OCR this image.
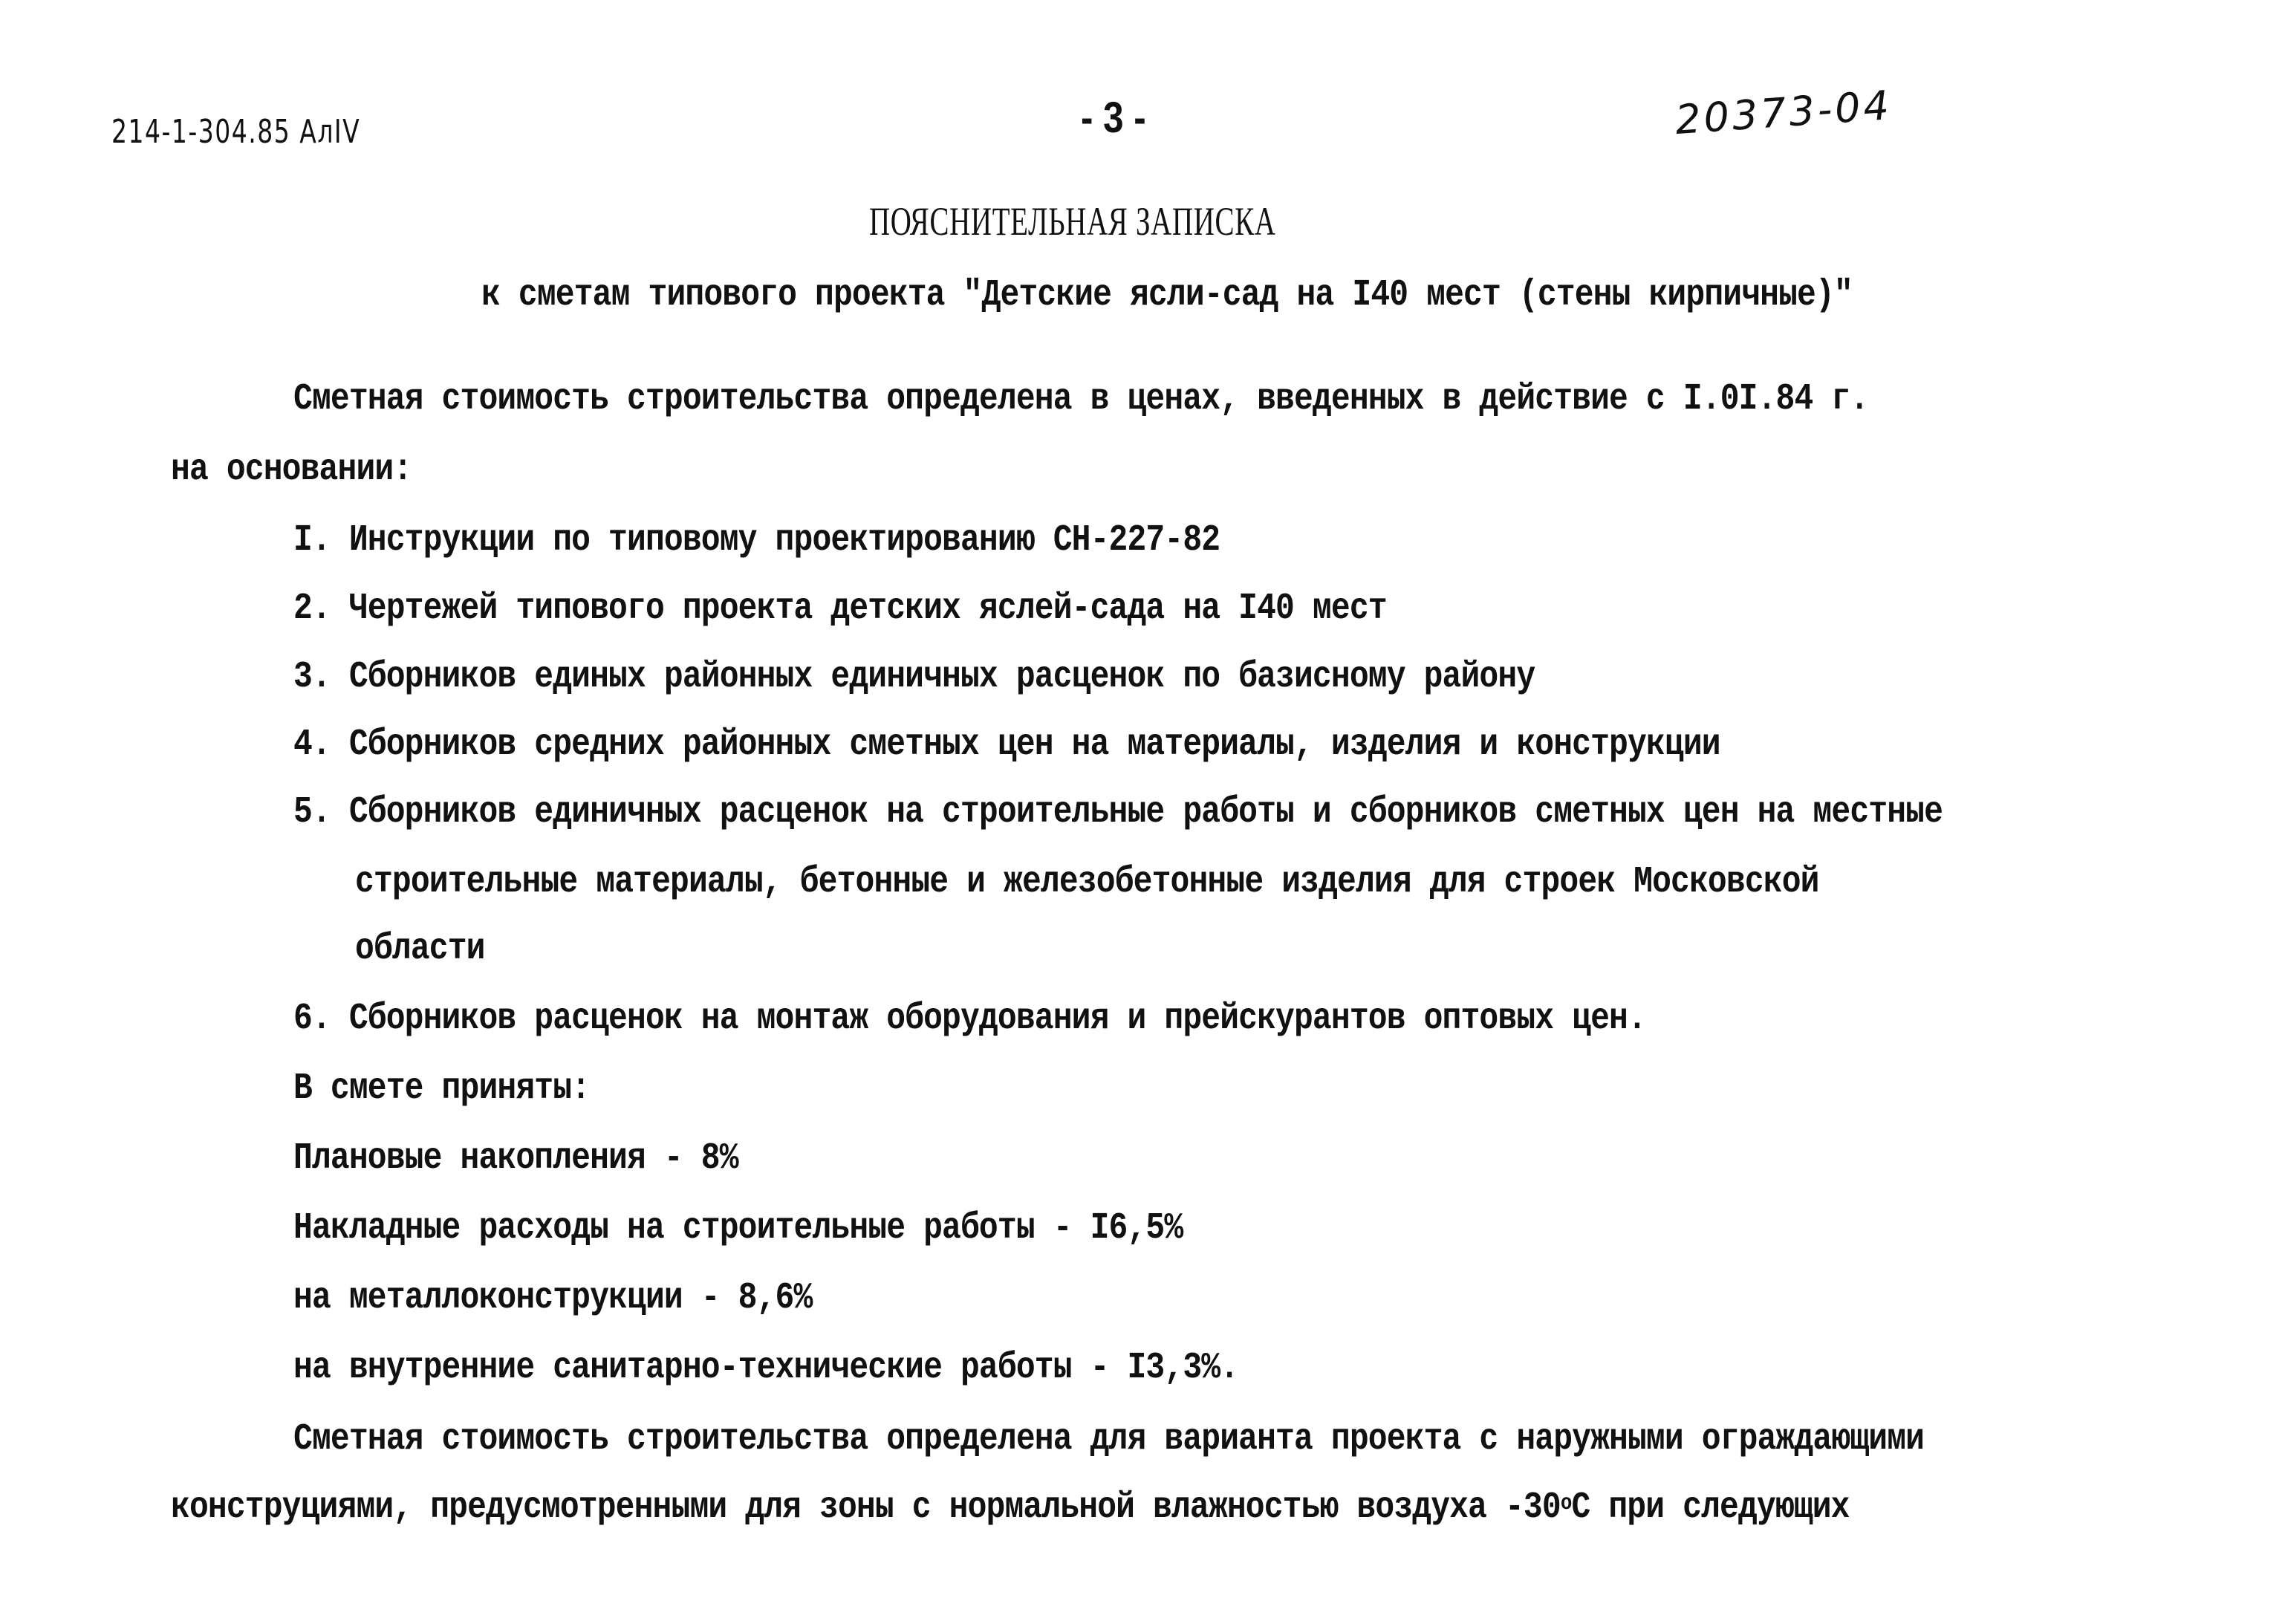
214-1-304.85 АлIV	- 3 -	20373-04
ПОЯСНИТЕЛЬНАЯ ЗАПИСКА
к сметам типового проекта "Детские ясли-сад на I40 мест (стены кирпичные)"
Сметная стоимость строительства определена в ценах, введенных в действие с I.0I.84 г.
на основании:
I. Инструкции по типовому проектированию СН-227-82
2. Чертежей типового проекта детских яслей-сада на I40 мест
3. Сборников единых районных единичных расценок по базисному району
4. Сборников средних районных сметных цен на материалы, изделия и конструкции
5. Сборников единичных расценок на строительные работы и сборников сметных цен на местные
строительные материалы, бетонные и железобетонные изделия для строек Московской
области
6. Сборников расценок на монтаж оборудования и прейскурантов оптовых цен.
В смете приняты:
Плановые накопления - 8%
Накладные расходы на строительные работы - I6,5%
на металлоконструкции - 8,6%
на внутренние санитарно-технические работы - I3,3%.
Сметная стоимость строительства определена для варианта проекта с наружными ограждающими
конструциями, предусмотренными для зоны с нормальной влажностью воздуха $-30^оС$ при следующих
